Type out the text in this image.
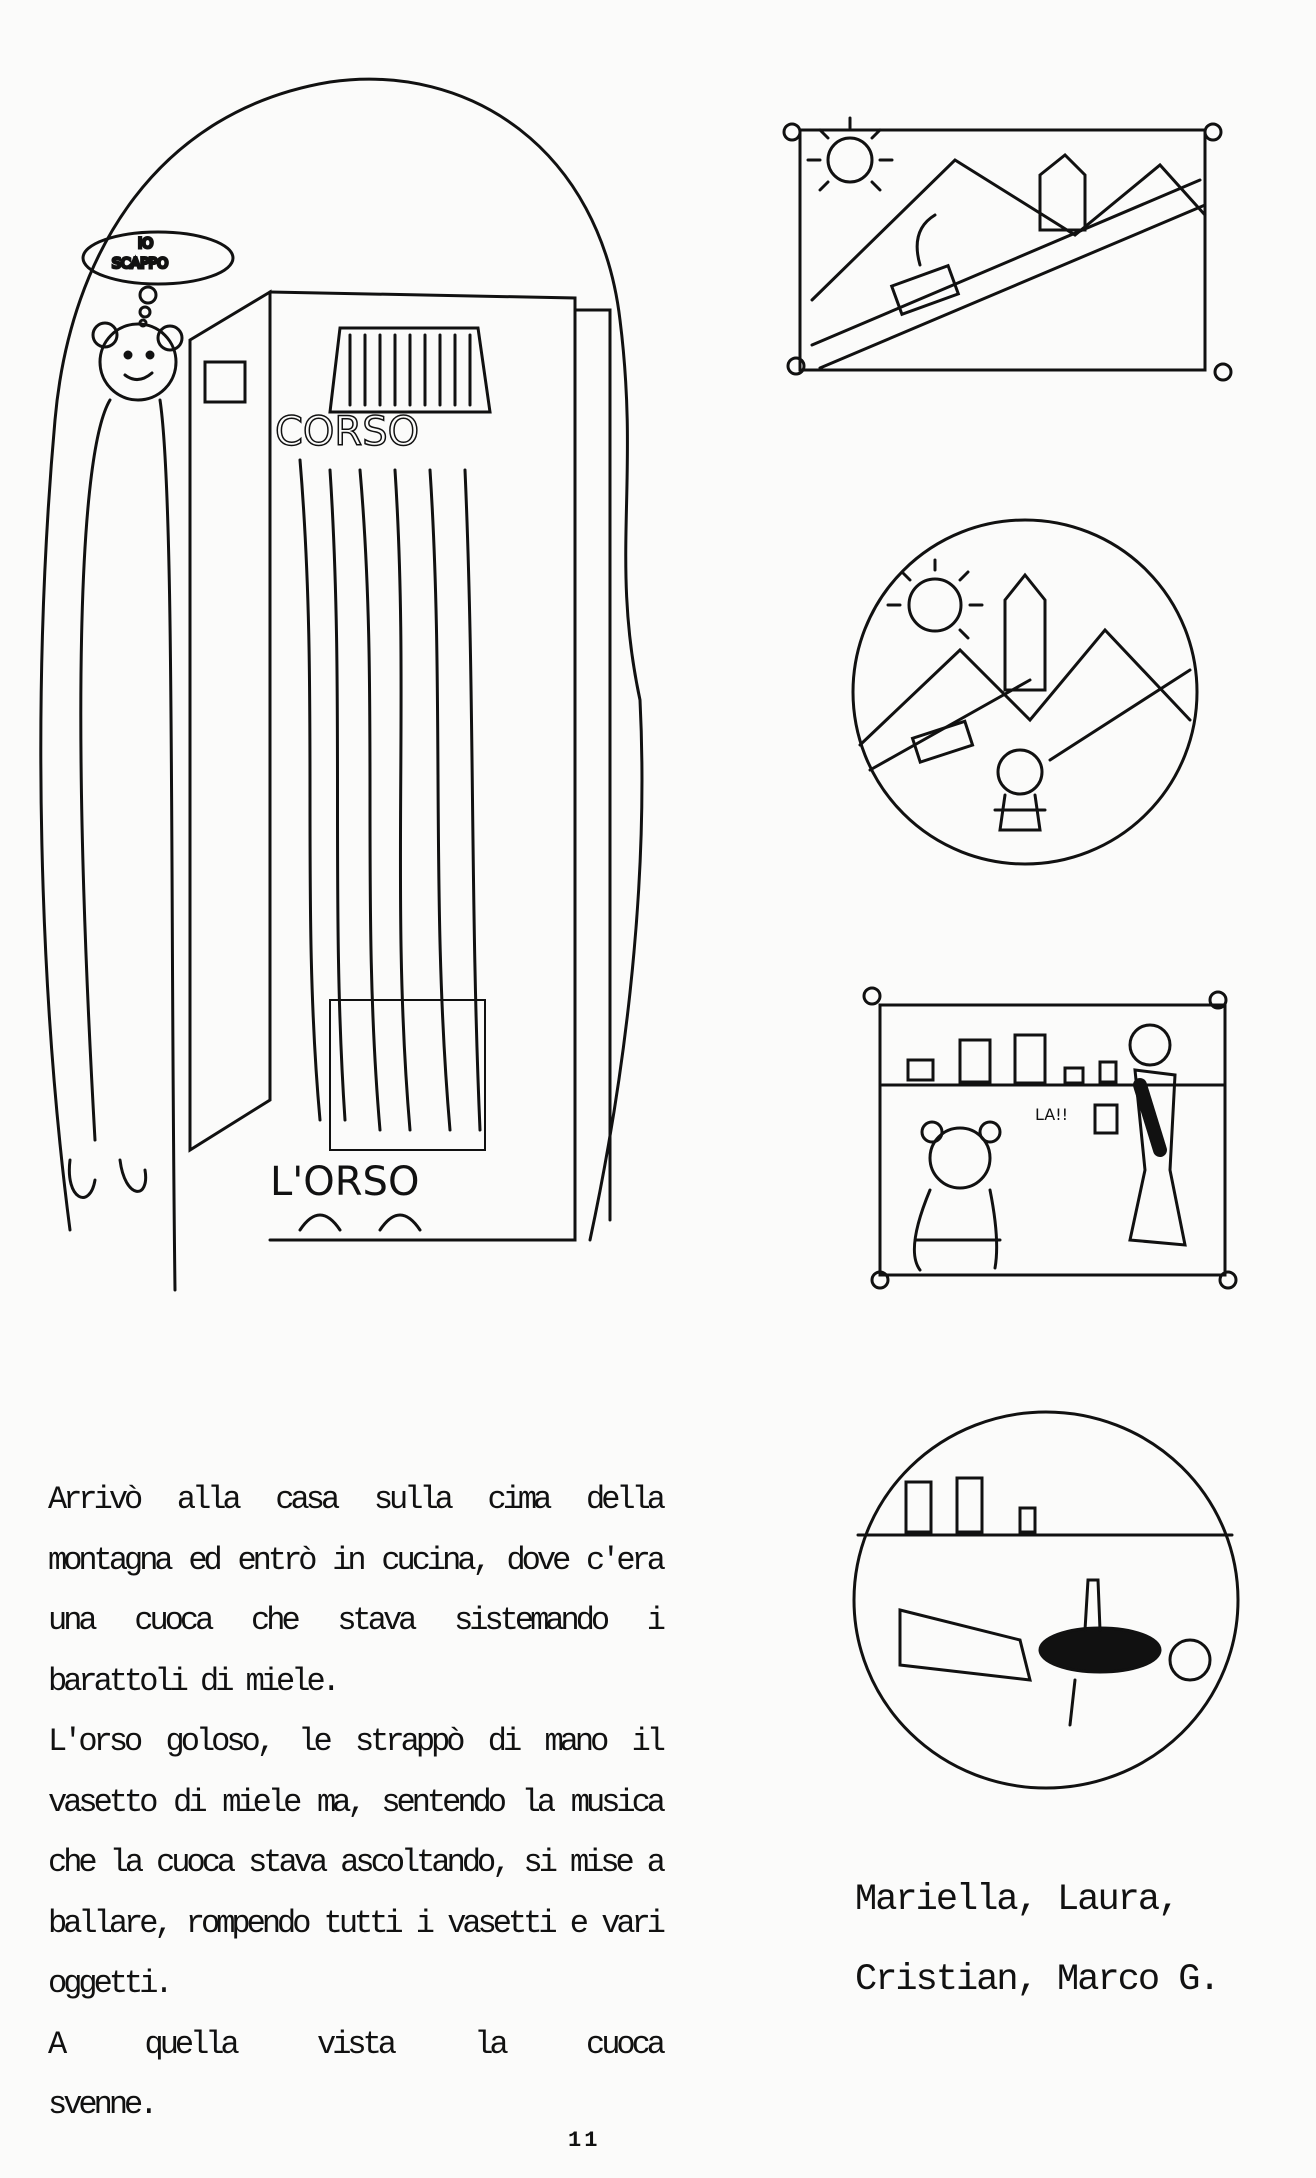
IO
SCAPPO
L'ORSO
CORSO
LA!!
Arrivò alla casa sulla cima della
montagna ed entrò in cucina, dove c'era
una cuoca che stava sistemando i
barattoli di miele.
L'orso goloso, le strappò di mano il
vasetto di miele ma, sentendo la musica
che la cuoca stava ascoltando, si mise a
ballare, rompendo tutti i vasetti e vari
oggetti.
A quella vista la cuoca
svenne.
Mariella, Laura,
Cristian, Marco G.
11
